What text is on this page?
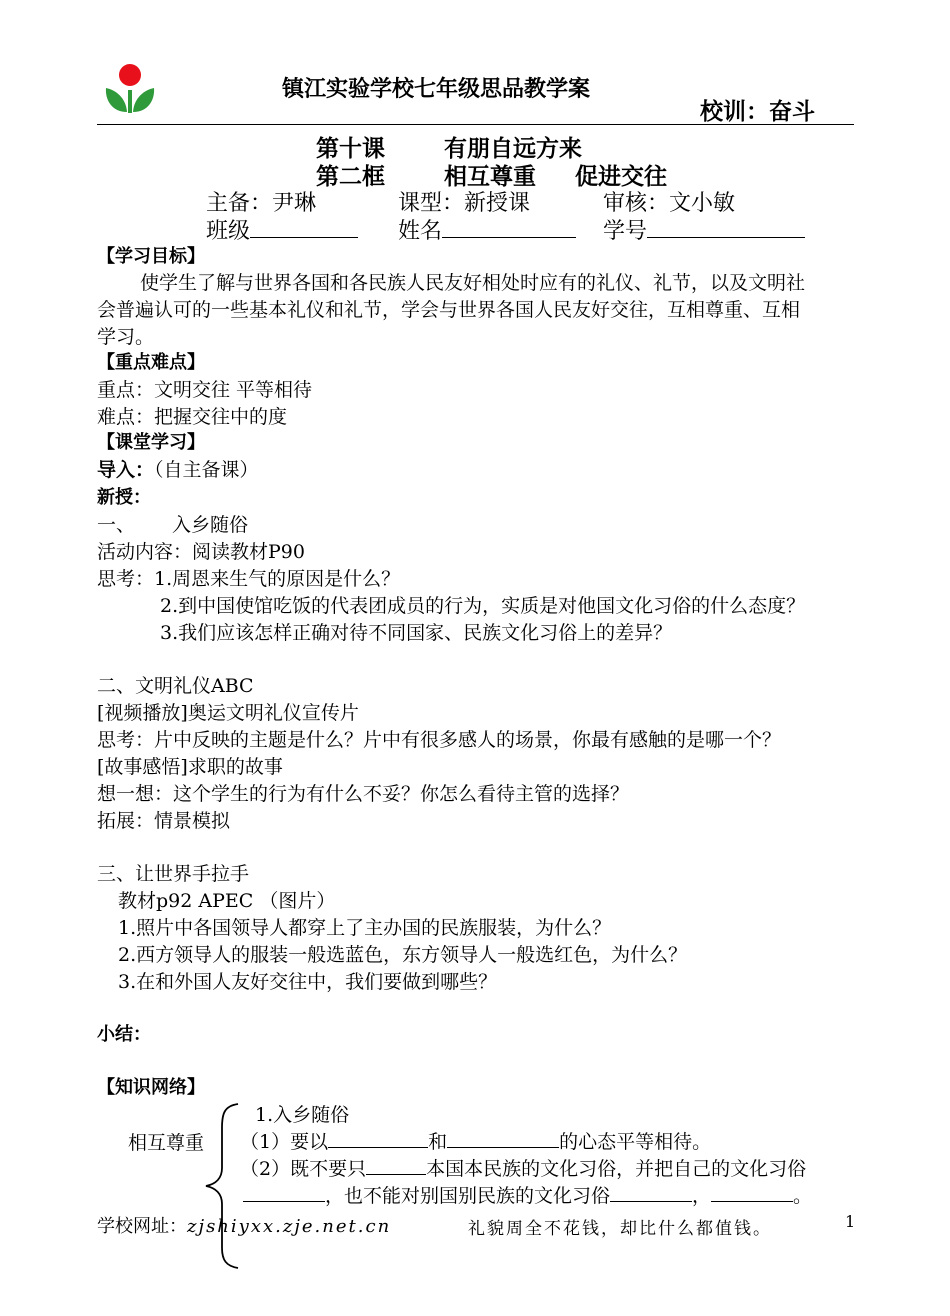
镇江实验学校七年级思品教学案
校训：奋斗
第十课	有朋自远方来
第二框	相互尊重 促进交往
主备：尹琳	课型：新授课	审核：文小敏
班级	姓名	学号
【学习目标】
使学生了解与世界各国和各民族人民友好相处时应有的礼仪、礼节，以及文明社
会普遍认可的一些基本礼仪和礼节，学会与世界各国人民友好交往，互相尊重、互相
学习。
【重点难点】
重点：文明交往 平等相待
难点：把握交往中的度
【课堂学习】
导入：（自主备课）
新授：
一、 入乡随俗
活动内容：阅读教材P90
思考：1.周恩来生气的原因是什么？
2.到中国使馆吃饭的代表团成员的行为，实质是对他国文化习俗的什么态度？
3.我们应该怎样正确对待不同国家、民族文化习俗上的差异？
二、文明礼仪ABC
[视频播放]奥运文明礼仪宣传片
思考：片中反映的主题是什么？片中有很多感人的场景，你最有感触的是哪一个？
[故事感悟]求职的故事
想一想：这个学生的行为有什么不妥？你怎么看待主管的选择？
拓展：情景模拟
三、让世界手拉手
教材p92 APEC （图片）
1.照片中各国领导人都穿上了主办国的民族服装，为什么？
2.西方领导人的服装一般选蓝色，东方领导人一般选红色，为什么？
3.在和外国人友好交往中，我们要做到哪些？
小结：
【知识网络】
相互尊重
1.入乡随俗
（1）要以	和	的心态平等相待。
（2）既不要只	本国本民族的文化习俗，并把自己的文化习俗
，也不能对别国别民族的文化习俗	，	。
学校网址：zjshiyxx.zje.net.cn	礼貌周全不花钱，却比什么都值钱。	1
